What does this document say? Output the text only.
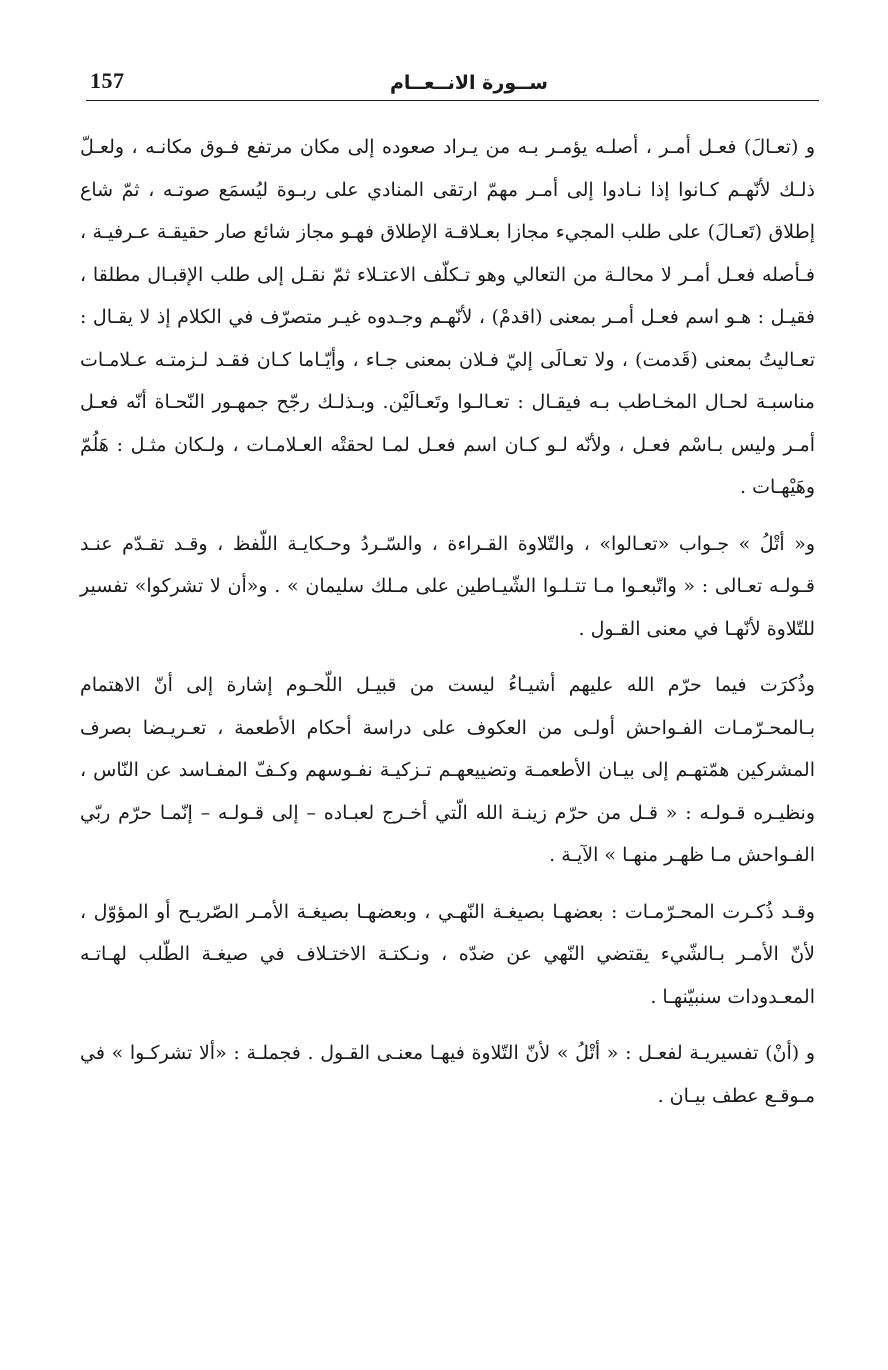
157	ســورة الانــعــام

و (تعـالَ) فعـل أمـر ، أصلـه يؤمـر بـه من يـراد صعوده إلى مكان مرتفع فـوق مكانـه ، ولعـلّ ذلـك لأنّهـم كـانوا إذا نـادوا إلى أمـر مهمّ ارتقى المنادي على ربـوة ليُسمَع صوتـه ، ثمّ شاع إطلاق (تَعـالَ) على طلب المجيء مجازا بعـلاقـة الإطلاق فهـو مجاز شائع صار حقيقـة عـرفيـة ، فـأصله فعـل أمـر لا محالـة من التعالي وهو تـكلّف الاعتـلاء ثمّ نقـل إلى طلب الإقبـال مطلقا ، فقيـل : هـو اسم فعـل أمـر بمعنى (اقدمْ) ، لأنّهـم وجـدوه غيـر متصرّف في الكلام إذ لا يقـال : تعـاليتُ بمعنى (قَدمت) ، ولا تعـالَى إليّ فـلان بمعنى جـاء ، وأيّـاما كـان فقـد لـزمتـه عـلامـات مناسبـة لحـال المخـاطب بـه فيقـال : تعـالـوا وتَعـالَيْن. وبـذلـك رجّح جمهـور النّحـاة أنّه فعـل أمـر وليس بـاسْم فعـل ، ولأنّه لـو كـان اسم فعـل لمـا لحقتْه العـلامـات ، ولـكان مثـل : هَلُمّ وهَيْهـات .

و« أتْلُ » جـواب «تعـالوا» ، والتّلاوة القـراءة ، والسّـردُ وحـكايـة اللّفظ ، وقـد تقـدّم عنـد قـولـه تعـالى : « واتّبعـوا مـا تتـلـوا الشّيـاطين على مـلك سليمان » . و«أن لا تشركوا» تفسير للتّلاوة لأنّهـا في معنى القـول .

وذُكرَت فيما حرّم الله عليهم أشيـاءُ ليست من قبيـل اللّحـوم إشارة إلى أنّ الاهتمام بـالمحـرّمـات الفـواحش أولـى من العكوف على دراسة أحكام الأطعمة ، تعـريـضا بصرف المشركين همّتهـم إلى بيـان الأطعمـة وتضييعهـم تـزكيـة نفـوسهم وكـفّ المفـاسد عن النّاس ، ونظيـره قـولـه : « قـل من حرّم زينـة الله الّتي أخـرج لعبـاده – إلى قـولـه – إنّمـا حرّم ربّي الفـواحش مـا ظهـر منهـا » الآيـة .

وقـد ذُكـرت المحـرّمـات : بعضهـا بصيغـة النّهـي ، وبعضهـا بصيغـة الأمـر الصّريـح أو المؤوّل ، لأنّ الأمـر بـالشّيء يقتضي النّهي عن ضدّه ، ونـكتـة الاختـلاف في صيغـة الطّلب لهـاتـه المعـدودات سنبيّنهـا .

و (أنْ) تفسيريـة لفعـل : « أتْلُ » لأنّ التّلاوة فيهـا معنـى القـول . فجملـة : «ألا تشركـوا » في مـوقـع عطف بيـان .
